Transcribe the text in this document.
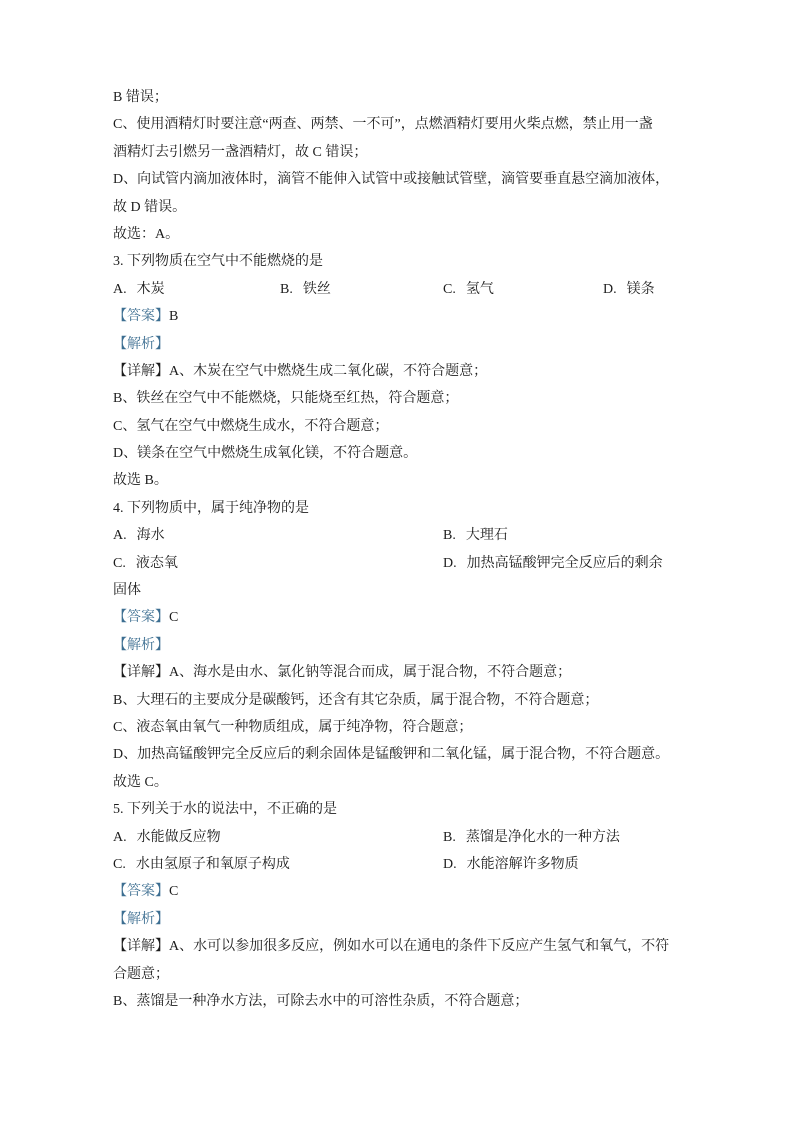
B 错误；

C、使用酒精灯时要注意“两查、两禁、一不可”，点燃酒精灯要用火柴点燃，禁止用一盏

酒精灯去引燃另一盏酒精灯，故 C 错误；

D、向试管内滴加液体时，滴管不能伸入试管中或接触试管壁，滴管要垂直悬空滴加液体，

故 D 错误。

故选：A。

3. 下列物质在空气中不能燃烧的是

A. 木炭	B. 铁丝	C. 氢气	D. 镁条

【答案】B

【解析】

【详解】A、木炭在空气中燃烧生成二氧化碳，不符合题意；

B、铁丝在空气中不能燃烧，只能烧至红热，符合题意；

C、氢气在空气中燃烧生成水，不符合题意；

D、镁条在空气中燃烧生成氧化镁，不符合题意。

故选 B。

4. 下列物质中，属于纯净物的是

A. 海水	B. 大理石
C. 液态氧	D. 加热高锰酸钾完全反应后的剩余

固体

【答案】C

【解析】

【详解】A、海水是由水、氯化钠等混合而成，属于混合物，不符合题意；

B、大理石的主要成分是碳酸钙，还含有其它杂质，属于混合物，不符合题意；

C、液态氧由氧气一种物质组成，属于纯净物，符合题意；

D、加热高锰酸钾完全反应后的剩余固体是锰酸钾和二氧化锰，属于混合物，不符合题意。

故选 C。

5. 下列关于水的说法中，不正确的是

A. 水能做反应物	B. 蒸馏是净化水的一种方法
C. 水由氢原子和氧原子构成	D. 水能溶解许多物质

【答案】C

【解析】

【详解】A、水可以参加很多反应，例如水可以在通电的条件下反应产生氢气和氧气，不符

合题意；

B、蒸馏是一种净水方法，可除去水中的可溶性杂质，不符合题意；
